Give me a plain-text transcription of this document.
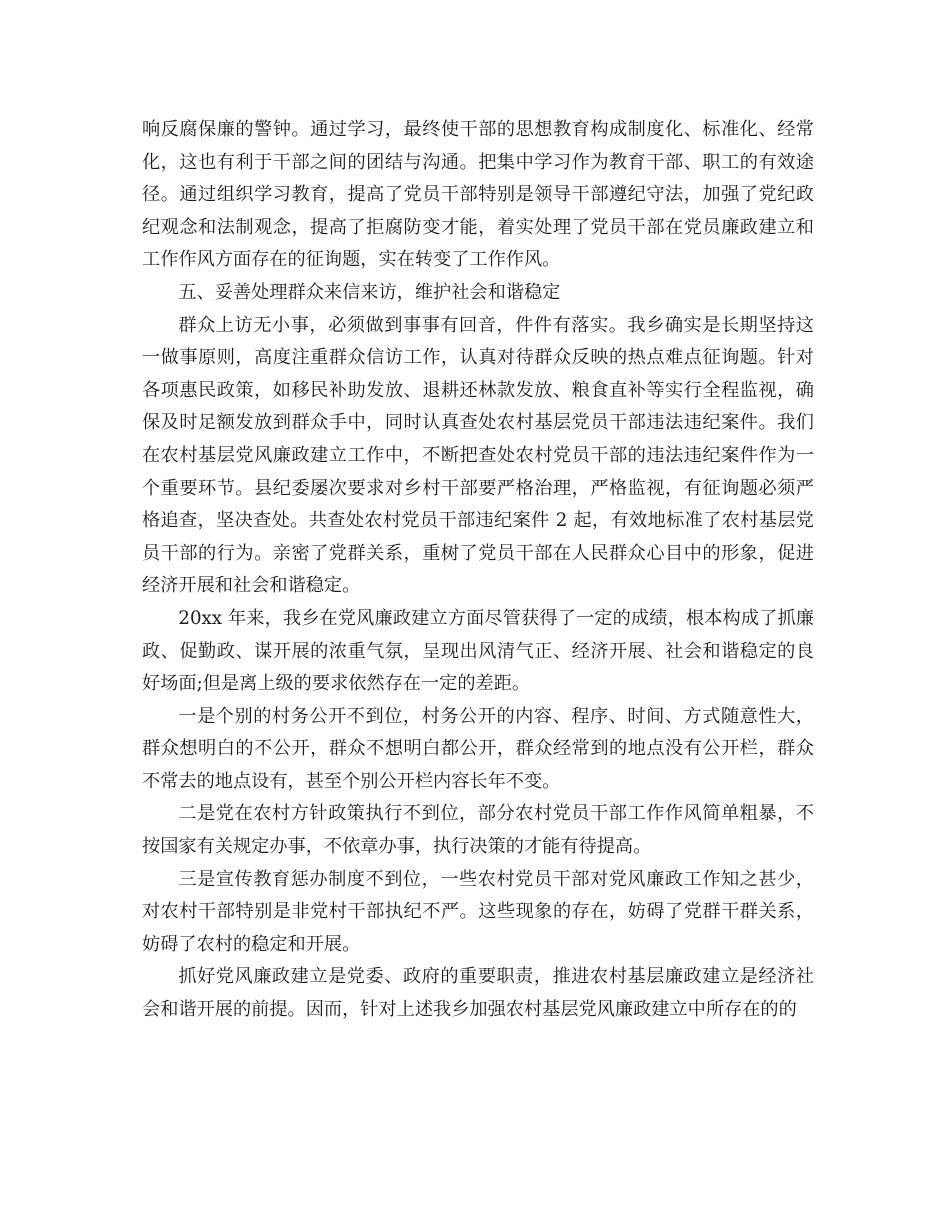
响反腐保廉的警钟。通过学习，最终使干部的思想教育构成制度化、标准化、经常化，这也有利于干部之间的团结与沟通。把集中学习作为教育干部、职工的有效途径。通过组织学习教育，提高了党员干部特别是领导干部遵纪守法，加强了党纪政纪观念和法制观念，提高了拒腐防变才能，着实处理了党员干部在党员廉政建立和工作作风方面存在的征询题，实在转变了工作作风。

五、妥善处理群众来信来访，维护社会和谐稳定

群众上访无小事，必须做到事事有回音，件件有落实。我乡确实是长期坚持这一做事原则，高度注重群众信访工作，认真对待群众反映的热点难点征询题。针对各项惠民政策，如移民补助发放、退耕还林款发放、粮食直补等实行全程监视，确保及时足额发放到群众手中，同时认真查处农村基层党员干部违法违纪案件。我们在农村基层党风廉政建立工作中，不断把查处农村党员干部的违法违纪案件作为一个重要环节。县纪委屡次要求对乡村干部要严格治理，严格监视，有征询题必须严格追查，坚决查处。共查处农村党员干部违纪案件 2 起，有效地标准了农村基层党员干部的行为。亲密了党群关系，重树了党员干部在人民群众心目中的形象，促进经济开展和社会和谐稳定。

20xx 年来，我乡在党风廉政建立方面尽管获得了一定的成绩，根本构成了抓廉政、促勤政、谋开展的浓重气氛，呈现出风清气正、经济开展、社会和谐稳定的良好场面;但是离上级的要求依然存在一定的差距。

一是个别的村务公开不到位，村务公开的内容、程序、时间、方式随意性大，群众想明白的不公开，群众不想明白都公开，群众经常到的地点没有公开栏，群众不常去的地点设有，甚至个别公开栏内容长年不变。

二是党在农村方针政策执行不到位，部分农村党员干部工作作风简单粗暴，不按国家有关规定办事，不依章办事，执行决策的才能有待提高。

三是宣传教育惩办制度不到位，一些农村党员干部对党风廉政工作知之甚少，对农村干部特别是非党村干部执纪不严。这些现象的存在，妨碍了党群干群关系，妨碍了农村的稳定和开展。

抓好党风廉政建立是党委、政府的重要职责，推进农村基层廉政建立是经济社会和谐开展的前提。因而，针对上述我乡加强农村基层党风廉政建立中所存在的的
